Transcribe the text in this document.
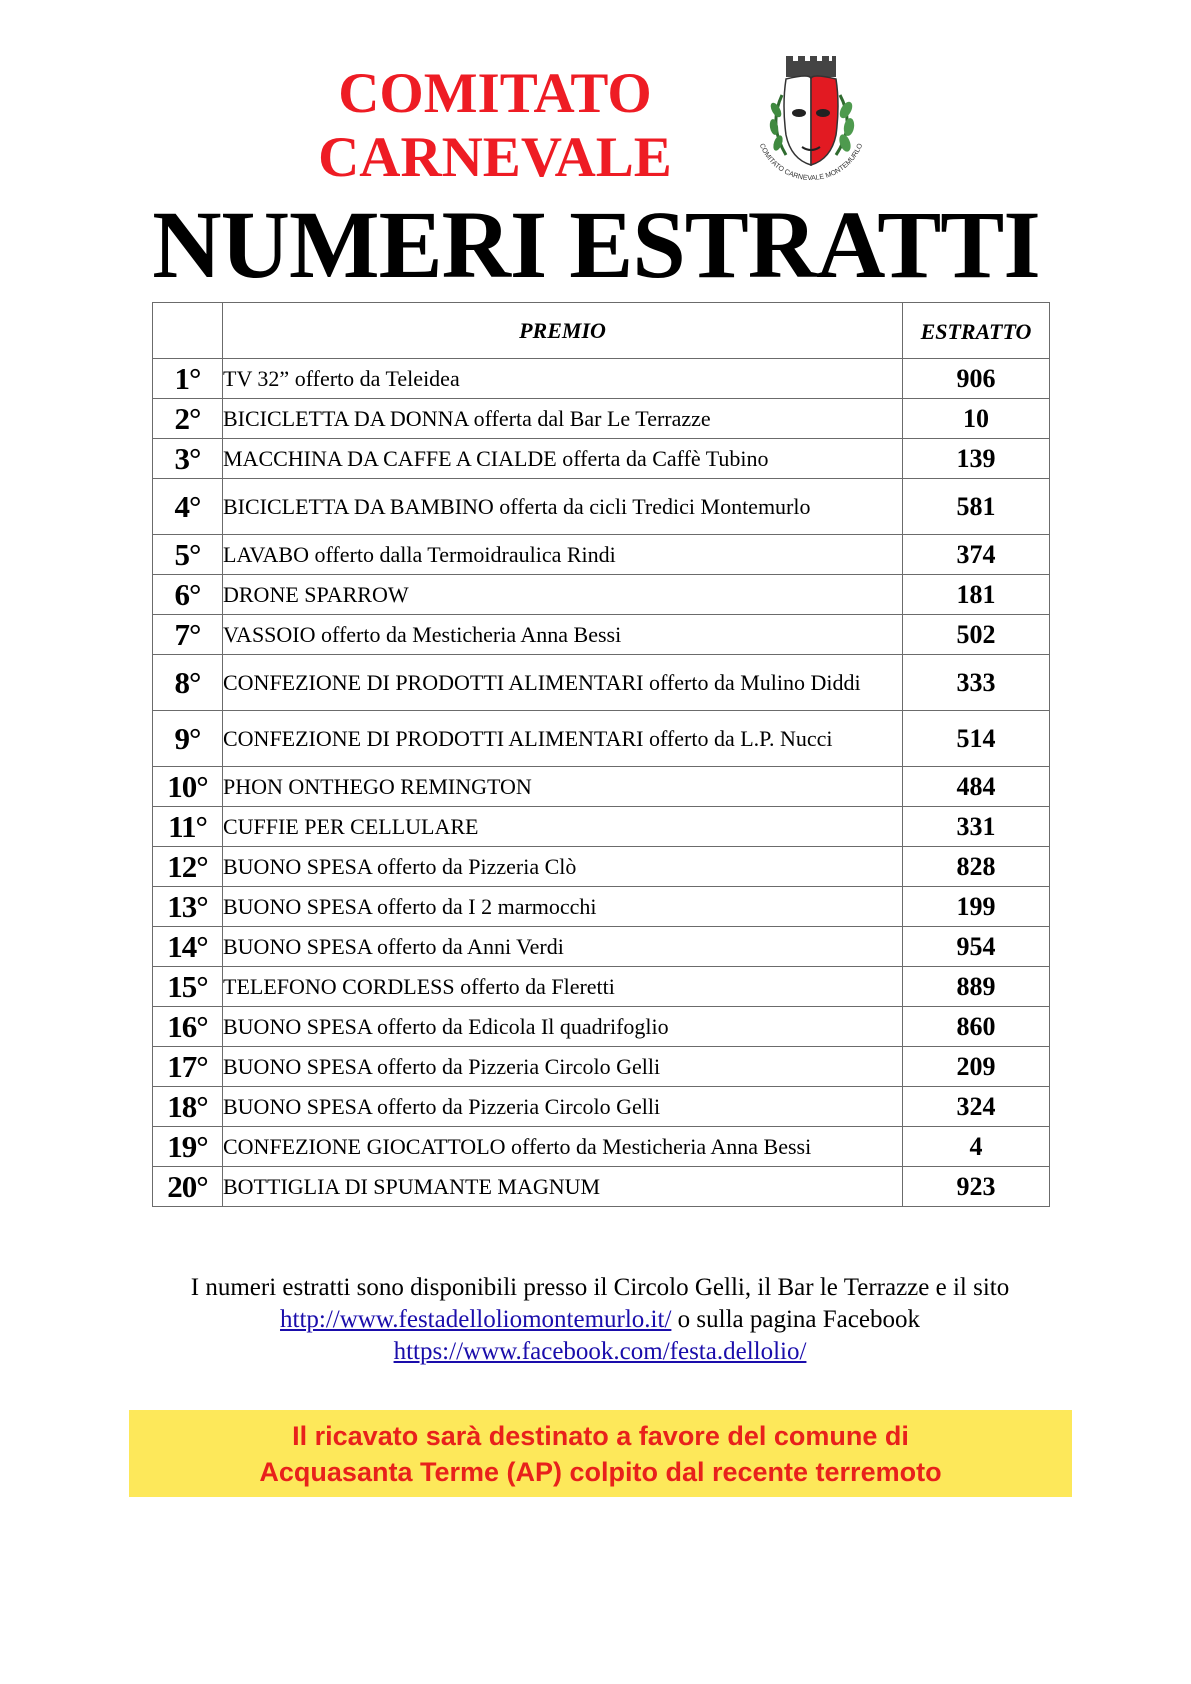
COMITATO
CARNEVALE	COMITATO CARNEVALE MONTEMURLO
NUMERI ESTRATTI
	PREMIO	ESTRATTO
1°	TV 32” offerto da Teleidea	906
2°	BICICLETTA DA DONNA offerta dal Bar Le Terrazze	10
3°	MACCHINA DA CAFFE A CIALDE offerta da Caffè Tubino	139
4°	BICICLETTA DA BAMBINO offerta da cicli Tredici Montemurlo	581
5°	LAVABO offerto dalla Termoidraulica Rindi	374
6°	DRONE SPARROW	181
7°	VASSOIO offerto da Mesticheria Anna Bessi	502
8°	CONFEZIONE DI PRODOTTI ALIMENTARI offerto da Mulino Diddi	333
9°	CONFEZIONE DI PRODOTTI ALIMENTARI offerto da L.P. Nucci	514
10°	PHON ONTHEGO REMINGTON	484
11°	CUFFIE PER CELLULARE	331
12°	BUONO SPESA offerto da Pizzeria Clò	828
13°	BUONO SPESA offerto da I 2 marmocchi	199
14°	BUONO SPESA offerto da Anni Verdi	954
15°	TELEFONO CORDLESS offerto da Fleretti	889
16°	BUONO SPESA offerto da Edicola Il quadrifoglio	860
17°	BUONO SPESA offerto da Pizzeria Circolo Gelli	209
18°	BUONO SPESA offerto da Pizzeria Circolo Gelli	324
19°	CONFEZIONE GIOCATTOLO offerto da Mesticheria Anna Bessi	4
20°	BOTTIGLIA DI SPUMANTE MAGNUM	923
I numeri estratti sono disponibili presso il Circolo Gelli, il Bar le Terrazze e il sito
http://www.festadelloliomontemurlo.it/ o sulla pagina Facebook
https://www.facebook.com/festa.dellolio/
Il ricavato sarà destinato a favore del comune di
Acquasanta Terme (AP) colpito dal recente terremoto
